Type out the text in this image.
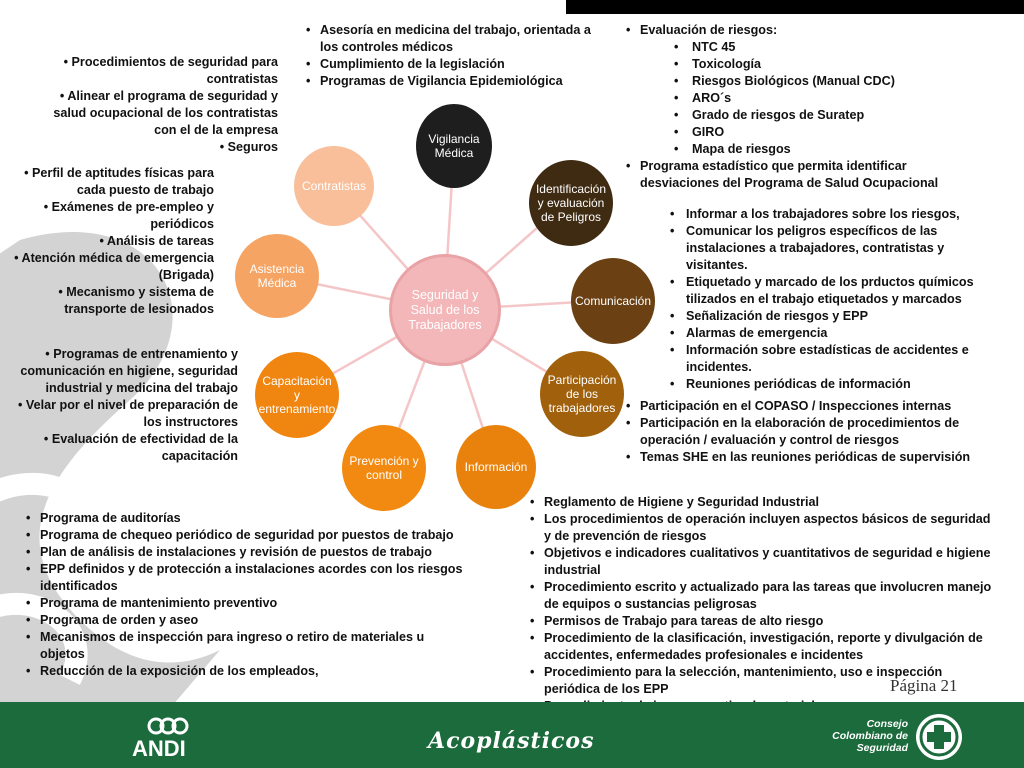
Seguridad y Salud de los Trabajadores
Vigilancia Médica
Identificación y evaluación de Peligros
Comunicación
Participación de los trabajadores
Información
Prevención y control
Capacitación y entrenamiento
Asistencia Médica
Contratistas
• Asesoría en medicina del trabajo, orientada a los controles médicos
• Cumplimiento de la legislación
• Programas de Vigilancia Epidemiológica
• Evaluación de riesgos:
• NTC 45
• Toxicología
• Riesgos Biológicos (Manual CDC)
• ARO´s
• Grado de riesgos de Suratep
• GIRO
• Mapa de riesgos
• Programa estadístico que permita identificar desviaciones del Programa de Salud Ocupacional
• Procedimientos de seguridad para contratistas
• Alinear el programa de seguridad y salud ocupacional de los contratistas con el de la empresa
• Seguros
• Perfil de aptitudes físicas para cada puesto de trabajo
• Exámenes de pre-empleo y periódicos
• Análisis de tareas
• Atención médica de emergencia (Brigada)
• Mecanismo y sistema de transporte de lesionados
• Informar a los trabajadores sobre los riesgos,
• Comunicar los peligros específicos de las instalaciones a trabajadores, contratistas y visitantes.
• Etiquetado y marcado de los prductos químicos tilizados en el trabajo etiquetados y marcados
• Señalización de riesgos y EPP
• Alarmas de emergencia
• Información sobre estadísticas de accidentes e incidentes.
• Reuniones periódicas de información
• Programas de entrenamiento y comunicación en higiene, seguridad industrial y medicina del trabajo
• Velar por el nivel de preparación de los instructores
• Evaluación de efectividad de la capacitación
• Participación en el COPASO / Inspecciones internas
• Participación en la elaboración de procedimientos de operación / evaluación y control de riesgos
• Temas SHE en las reuniones periódicas de supervisión
• Programa de auditorías
• Programa de chequeo periódico de seguridad por puestos de trabajo
• Plan de análisis de instalaciones y revisión de puestos de trabajo
• EPP definidos y de protección a instalaciones acordes con los riesgos identificados
• Programa de mantenimiento preventivo
• Programa de orden y aseo
• Mecanismos de inspección para ingreso o retiro de materiales u objetos
• Reducción de la exposición de los empleados,
• Reglamento de Higiene y Seguridad Industrial
• Los procedimientos de operación incluyen aspectos básicos de seguridad y de prevención de riesgos
• Objetivos e indicadores cualitativos y cuantitativos de seguridad e higiene industrial
• Procedimiento escrito y actualizado para las tareas que involucren manejo de equipos o sustancias peligrosas
• Permisos de Trabajo para tareas de alto riesgo
• Procedimiento de la clasificación, investigación, reporte y divulgación de accidentes, enfermedades profesionales e incidentes
• Procedimiento para la selección, mantenimiento, uso e inspección periódica de los EPP
•	Página 21
ANDI	Acoplásticos
Consejo Colombiano de Seguridad
